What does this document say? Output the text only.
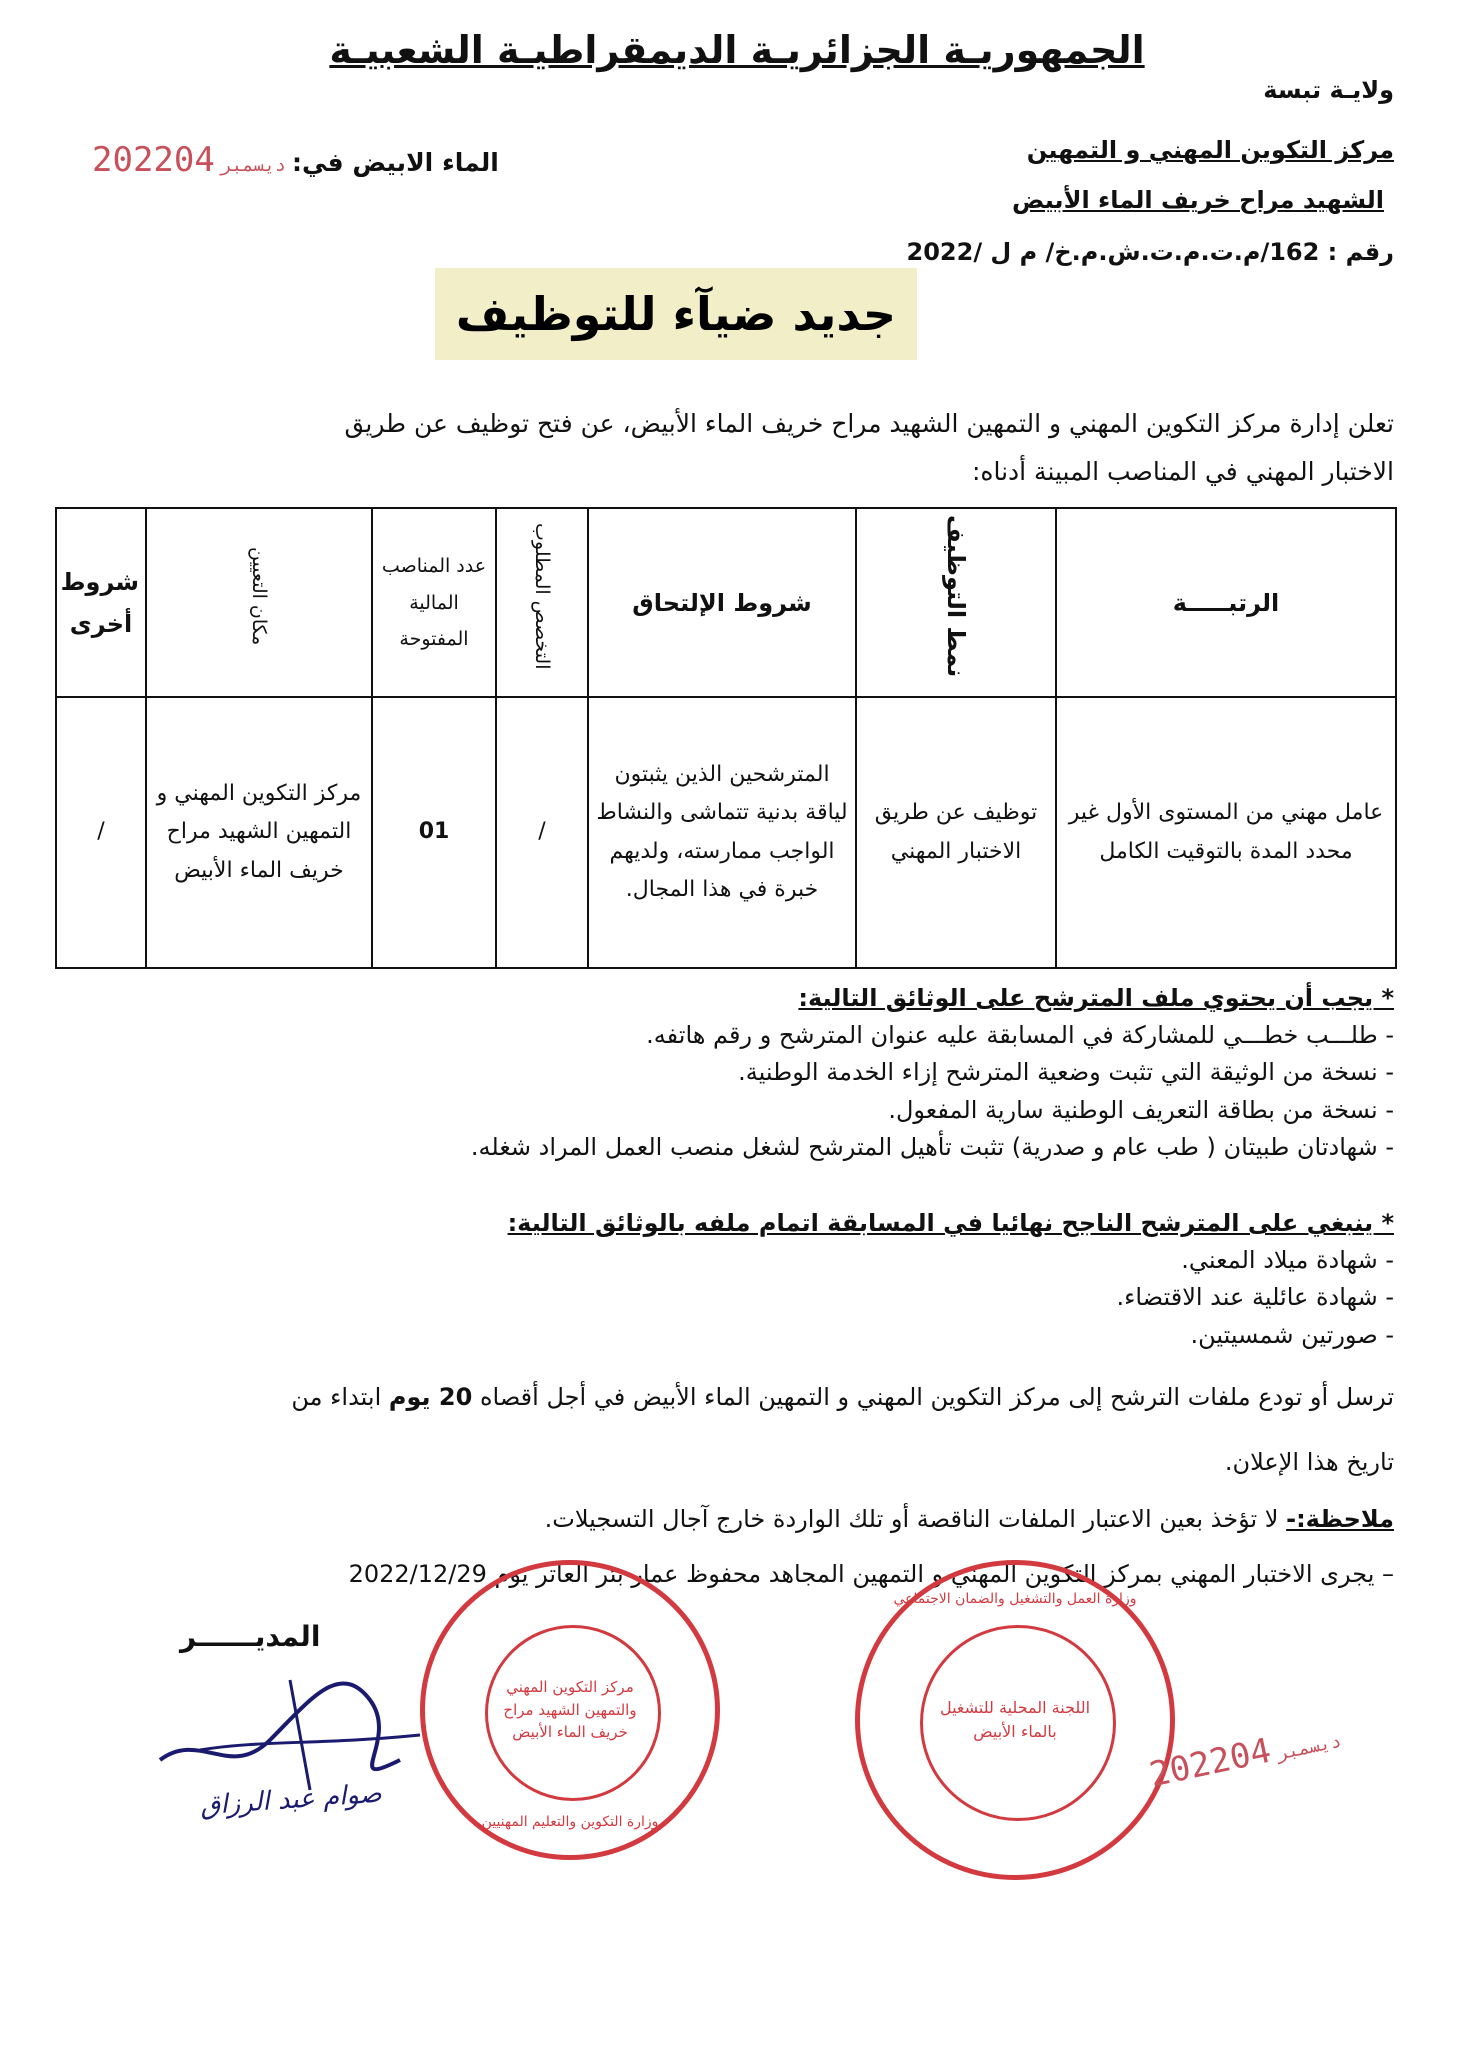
الجمهوريـة الجزائريـة الديمقراطيـة الشعبيـة
ولايـة تبسة
مركز التكوين المهني و التمهين
الشهيد مراح خريف الماء الأبيض
رقم : 162/م.ت.م.ت.ش.م.خ/ م ل /2022
الماء الابيض في:
2022	ديسمبر04
جديد ضيآء للتوظيف
تعلن إدارة مركز التكوين المهني و التمهين الشهيد مراح خريف الماء الأبيض، عن فتح توظيف عن طريق
الاختبار المهني في المناصب المبينة أدناه:
الرتبـــــة	نمط التوظيف	شروط الإلتحاق	التخصص المطلوب	عدد المناصب المالية المفتوحة	مكان التعيين	شروط أخرى
عامل مهني من المستوى الأول غير محدد المدة بالتوقيت الكامل	توظيف عن طريق الاختبار المهني	المترشحين الذين يثبتون لياقة بدنية تتماشى والنشاط الواجب ممارسته، ولديهم خبرة في هذا المجال.	/	01	مركز التكوين المهني و التمهين الشهيد مراح خريف الماء الأبيض	/
* يجب أن يحتوي ملف المترشح على الوثائق التالية:
- طلـــب خطـــي للمشاركة في المسابقة عليه عنوان المترشح و رقم هاتفه.
- نسخة من الوثيقة التي تثبت وضعية المترشح إزاء الخدمة الوطنية.
- نسخة من بطاقة التعريف الوطنية سارية المفعول.
- شهادتان طبيتان ( طب عام و صدرية) تثبت تأهيل المترشح لشغل منصب العمل المراد شغله.
* ينبغي على المترشح الناجح نهائيا في المسابقة اتمام ملفه بالوثائق التالية:
- شهادة ميلاد المعني.
- شهادة عائلية عند الاقتضاء.
- صورتين شمسيتين.
ترسل أو تودع ملفات الترشح إلى مركز التكوين المهني و التمهين الماء الأبيض في أجل أقصاه 20 يوم ابتداء من
تاريخ هذا الإعلان.
ملاحظة:- لا تؤخذ بعين الاعتبار الملفات الناقصة أو تلك الواردة خارج آجال التسجيلات.
– يجرى الاختبار المهني بمركز التكوين المهني و التمهين المجاهد محفوظ عمار بئر العاتر يوم 2022/12/29
المديــــــر
صوام عبد الرزاق
مركز التكوين المهني والتمهين الشهيد مراح خريف الماء الأبيض
وزارة التكوين والتعليم المهنيين
اللجنة المحلية للتشغيل بالماء الأبيض
وزارة العمل والتشغيل والضمان الاجتماعي
2022 ديسمبر04
